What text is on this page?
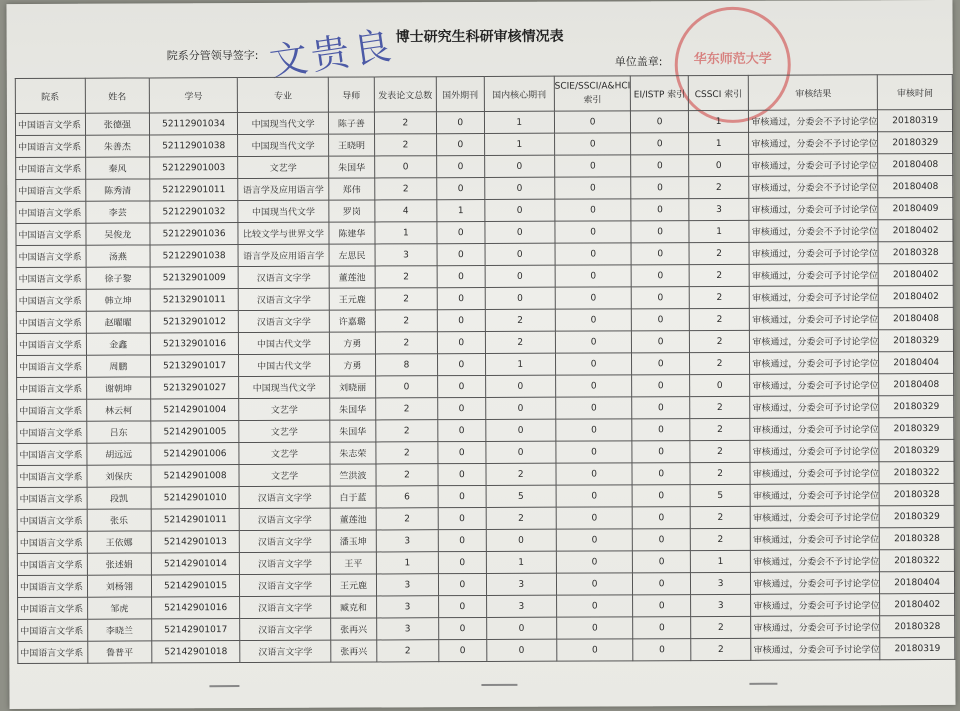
博士研究生科研审核情况表
院系分管领导签字: 文贵良	单位盖章:	华东师范大学
院系	姓名	学号	专业	导师	发表论文总数	国外期刊	国内核心期刊	SCIE/SSCI/A&HCI 索引	EI/ISTP 索引	CSSCI 索引	审核结果	审核时间
中国语言文学系	张德强	52112901034	中国现当代文学	陈子善	2	0	1	0	0	1	审核通过，分委会不予讨论学位	20180319
中国语言文学系	朱善杰	52112901038	中国现当代文学	王晓明	2	0	1	0	0	1	审核通过，分委会不予讨论学位	20180329
中国语言文学系	秦风	52122901003	文艺学	朱国华	0	0	0	0	0	0	审核通过，分委会可予讨论学位	20180408
中国语言文学系	陈秀清	52122901011	语言学及应用语言学	郑伟	2	0	0	0	0	2	审核通过，分委会不予讨论学位	20180408
中国语言文学系	李芸	52122901032	中国现当代文学	罗岗	4	1	0	0	0	3	审核通过，分委会可予讨论学位	20180409
中国语言文学系	吴俊龙	52122901036	比较文学与世界文学	陈建华	1	0	0	0	0	1	审核通过，分委会不予讨论学位	20180402
中国语言文学系	汤燕	52122901038	语言学及应用语言学	左思民	3	0	0	0	0	2	审核通过，分委会可予讨论学位	20180328
中国语言文学系	徐子黎	52132901009	汉语言文字学	董莲池	2	0	0	0	0	2	审核通过，分委会可予讨论学位	20180402
中国语言文学系	韩立坤	52132901011	汉语言文字学	王元鹿	2	0	0	0	0	2	审核通过，分委会可予讨论学位	20180402
中国语言文学系	赵曜曜	52132901012	汉语言文字学	许嘉璐	2	0	2	0	0	2	审核通过，分委会可予讨论学位	20180408
中国语言文学系	金鑫	52132901016	中国古代文学	方勇	2	0	2	0	0	2	审核通过，分委会可予讨论学位	20180329
中国语言文学系	周鹏	52132901017	中国古代文学	方勇	8	0	1	0	0	2	审核通过，分委会可予讨论学位	20180404
中国语言文学系	谢朝坤	52132901027	中国现当代文学	刘晓丽	0	0	0	0	0	0	审核通过，分委会可予讨论学位	20180408
中国语言文学系	林云柯	52142901004	文艺学	朱国华	2	0	0	0	0	2	审核通过，分委会可予讨论学位	20180329
中国语言文学系	吕东	52142901005	文艺学	朱国华	2	0	0	0	0	2	审核通过，分委会可予讨论学位	20180329
中国语言文学系	胡远远	52142901006	文艺学	朱志荣	2	0	0	0	0	2	审核通过，分委会可予讨论学位	20180329
中国语言文学系	刘保庆	52142901008	文艺学	竺洪波	2	0	2	0	0	2	审核通过，分委会可予讨论学位	20180322
中国语言文学系	段凯	52142901010	汉语言文字学	白于蓝	6	0	5	0	0	5	审核通过，分委会可予讨论学位	20180328
中国语言文学系	张乐	52142901011	汉语言文字学	董莲池	2	0	2	0	0	2	审核通过，分委会可予讨论学位	20180329
中国语言文学系	王依娜	52142901013	汉语言文字学	潘玉坤	3	0	0	0	0	2	审核通过，分委会可予讨论学位	20180328
中国语言文学系	张述娟	52142901014	汉语言文字学	王平	1	0	1	0	0	1	审核通过，分委会不予讨论学位	20180322
中国语言文学系	刘杨翎	52142901015	汉语言文字学	王元鹿	3	0	3	0	0	3	审核通过，分委会可予讨论学位	20180404
中国语言文学系	邹虎	52142901016	汉语言文字学	臧克和	3	0	3	0	0	3	审核通过，分委会可予讨论学位	20180402
中国语言文学系	李晓兰	52142901017	汉语言文字学	张再兴	3	0	0	0	0	2	审核通过，分委会可予讨论学位	20180328
中国语言文学系	鲁普平	52142901018	汉语言文字学	张再兴	2	0	0	0	0	2	审核通过，分委会可予讨论学位	20180319
